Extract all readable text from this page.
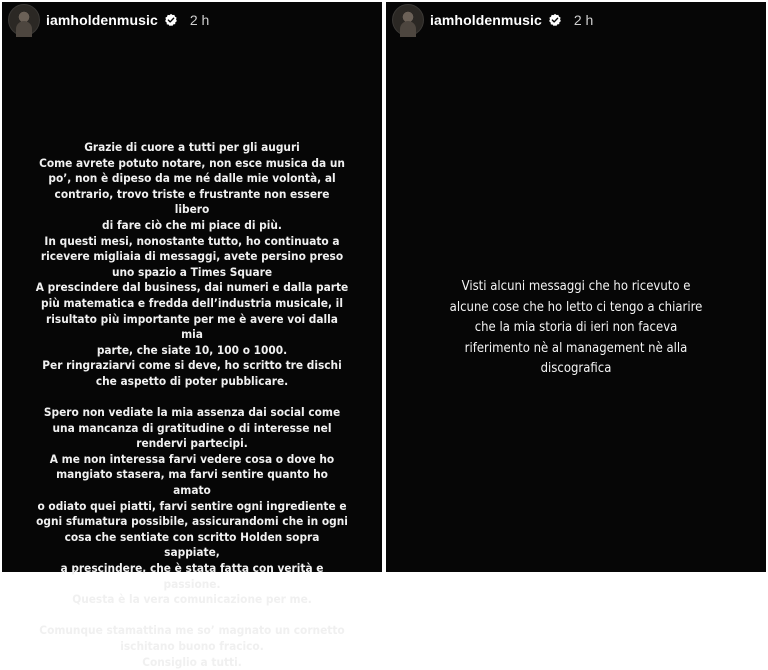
iamholdenmusic 2 h

Grazie di cuore a tutti per gli auguri

Come avrete potuto notare, non esce musica da un

po’, non è dipeso da me né dalle mie volontà, al

contrario, trovo triste e frustrante non essere libero

di fare ciò che mi piace di più.

In questi mesi, nonostante tutto, ho continuato a

ricevere migliaia di messaggi, avete persino preso

uno spazio a Times Square

A prescindere dal business, dai numeri e dalla parte

più matematica e fredda dell’industria musicale, il

risultato più importante per me è avere voi dalla mia

parte, che siate 10, 100 o 1000.

Per ringraziarvi come si deve, ho scritto tre dischi

che aspetto di poter pubblicare.

Spero non vediate la mia assenza dai social come

una mancanza di gratitudine o di interesse nel

rendervi partecipi.

A me non interessa farvi vedere cosa o dove ho

mangiato stasera, ma farvi sentire quanto ho amato

o odiato quei piatti, farvi sentire ogni ingrediente e

ogni sfumatura possibile, assicurandomi che in ogni

cosa che sentiate con scritto Holden sopra sappiate,

a prescindere, che è stata fatta con verità e

passione.

Questa è la vera comunicazione per me.

Comunque stamattina me so’ magnato un cornetto

ischitano buono fracico.

Consiglio a tutti.

iamholdenmusic 2 h

Visti alcuni messaggi che ho ricevuto e

alcune cose che ho letto ci tengo a chiarire

che la mia storia di ieri non faceva

riferimento nè al management nè alla

discografica
